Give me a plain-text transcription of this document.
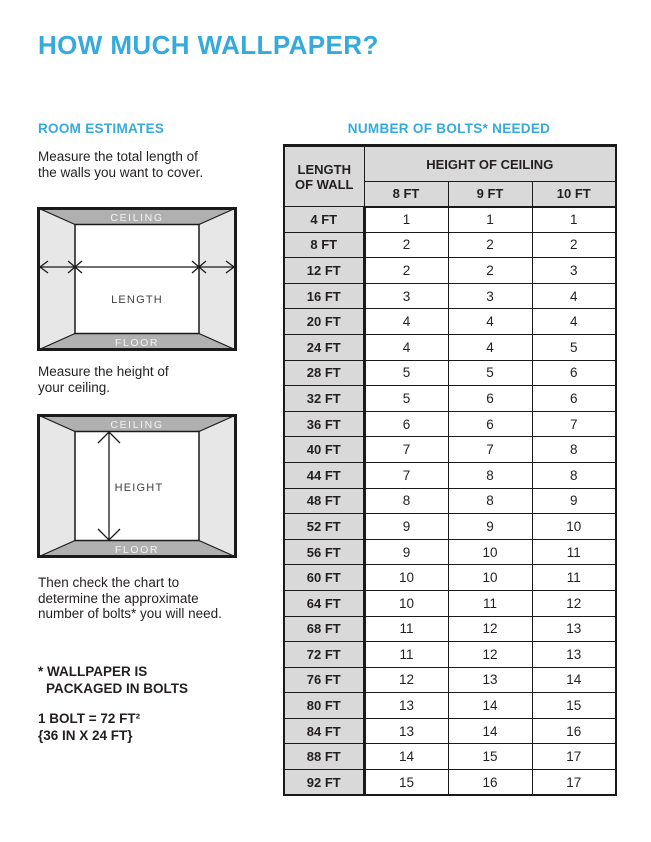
HOW MUCH WALLPAPER?
ROOM ESTIMATES	NUMBER OF BOLTS* NEEDED

Measure the total length of
the walls you want to cover.

CEILING
FLOOR
LENGTH

Measure the height of
your ceiling.

CEILING
FLOOR
HEIGHT

Then check the chart to
determine the approximate
number of bolts* you will need.

* WALLPAPER IS
PACKAGED IN BOLTS

1 BOLT = 72 FT²
{36 IN X 24 FT}

LENGTH
OF WALL	HEIGHT OF CEILING		
	8 FT	9 FT	10 FT
4 FT	1	1	1
8 FT	2	2	2
12 FT	2	2	3
16 FT	3	3	4
20 FT	4	4	4
24 FT	4	4	5
28 FT	5	5	6
32 FT	5	6	6
36 FT	6	6	7
40 FT	7	7	8
44 FT	7	8	8
48 FT	8	8	9
52 FT	9	9	10
56 FT	9	10	11
60 FT	10	10	11
64 FT	10	11	12
68 FT	11	12	13
72 FT	11	12	13
76 FT	12	13	14
80 FT	13	14	15
84 FT	13	14	16
88 FT	14	15	17
92 FT	15	16	17
